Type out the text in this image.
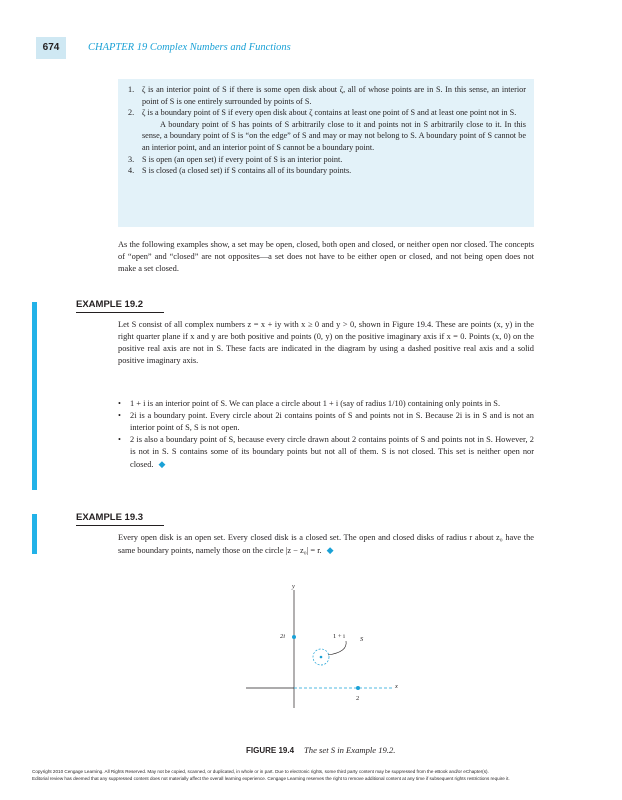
674	CHAPTER 19 Complex Numbers and Functions
1. ζ is an interior point of S if there is some open disk about ζ, all of whose points are in S. In this sense, an interior point of S is one entirely surrounded by points of S.
2. ζ is a boundary point of S if every open disk about ζ contains at least one point of S and at least one point not in S.
A boundary point of S has points of S arbitrarily close to it and points not in S arbitrarily close to it. In this sense, a boundary point of S is “on the edge” of S and may or may not belong to S. A boundary point of S cannot be an interior point, and an interior point of S cannot be a boundary point.
3. S is open (an open set) if every point of S is an interior point.
4. S is closed (a closed set) if S contains all of its boundary points.
As the following examples show, a set may be open, closed, both open and closed, or neither open nor closed. The concepts of “open” and “closed” are not opposites—a set does not have to be either open or closed, and not being open does not make a set closed.
EXAMPLE 19.2
Let S consist of all complex numbers z = x + iy with x ≥ 0 and y > 0, shown in Figure 19.4. These are points (x, y) in the right quarter plane if x and y are both positive and points (0, y) on the positive imaginary axis if x = 0. Points (x, 0) on the positive real axis are not in S. These facts are indicated in the diagram by using a dashed positive real axis and a solid positive imaginary axis.
• 1 + i is an interior point of S. We can place a circle about 1 + i (say of radius 1/10) containing only points in S.
• 2i is a boundary point. Every circle about 2i contains points of S and points not in S. Because 2i is in S and is not an interior point of S, S is not open.
• 2 is also a boundary point of S, because every circle drawn about 2 contains points of S and points not in S. However, 2 is not in S. S contains some of its boundary points but not all of them. S is not closed. This set is neither open nor closed. ◆
EXAMPLE 19.3
Every open disk is an open set. Every closed disk is a closed set. The open and closed disks of radius r about z₀ have the same boundary points, namely those on the circle |z − z₀| = r. ◆
y
x
2i	1 + i S
2
FIGURE 19.4 The set S in Example 19.2.
Copyright 2010 Cengage Learning. All Rights Reserved. May not be copied, scanned, or duplicated, in whole or in part. Due to electronic rights, some third party content may be suppressed from the eBook and/or eChapter(s).
Editorial review has deemed that any suppressed content does not materially affect the overall learning experience. Cengage Learning reserves the right to remove additional content at any time if subsequent rights restrictions require it.
